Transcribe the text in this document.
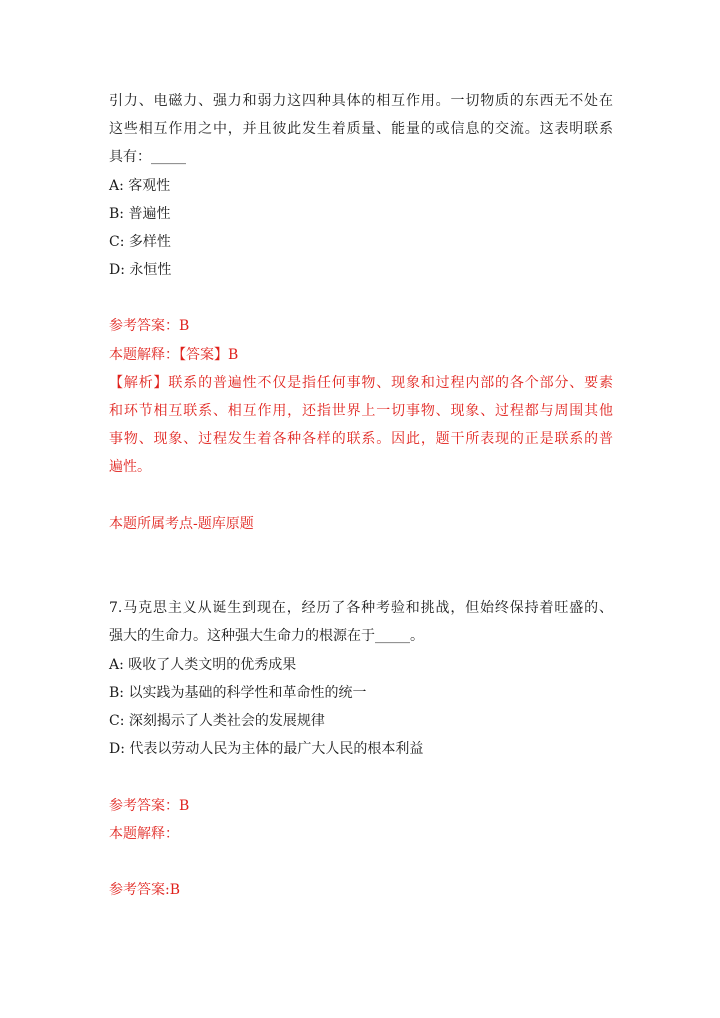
引力、电磁力、强力和弱力这四种具体的相互作用。一切物质的东西无不处在
这些相互作用之中，并且彼此发生着质量、能量的或信息的交流。这表明联系
具有：_____
A: 客观性
B: 普遍性
C: 多样性
D: 永恒性
参考答案：B
本题解释：【答案】B
【解析】联系的普遍性不仅是指任何事物、现象和过程内部的各个部分、要素
和环节相互联系、相互作用，还指世界上一切事物、现象、过程都与周围其他
事物、现象、过程发生着各种各样的联系。因此，题干所表现的正是联系的普
遍性。
本题所属考点-题库原题
7.马克思主义从诞生到现在，经历了各种考验和挑战，但始终保持着旺盛的、
强大的生命力。这种强大生命力的根源在于_____。
A: 吸收了人类文明的优秀成果
B: 以实践为基础的科学性和革命性的统一
C: 深刻揭示了人类社会的发展规律
D: 代表以劳动人民为主体的最广大人民的根本利益
参考答案：B
本题解释：
参考答案:B
